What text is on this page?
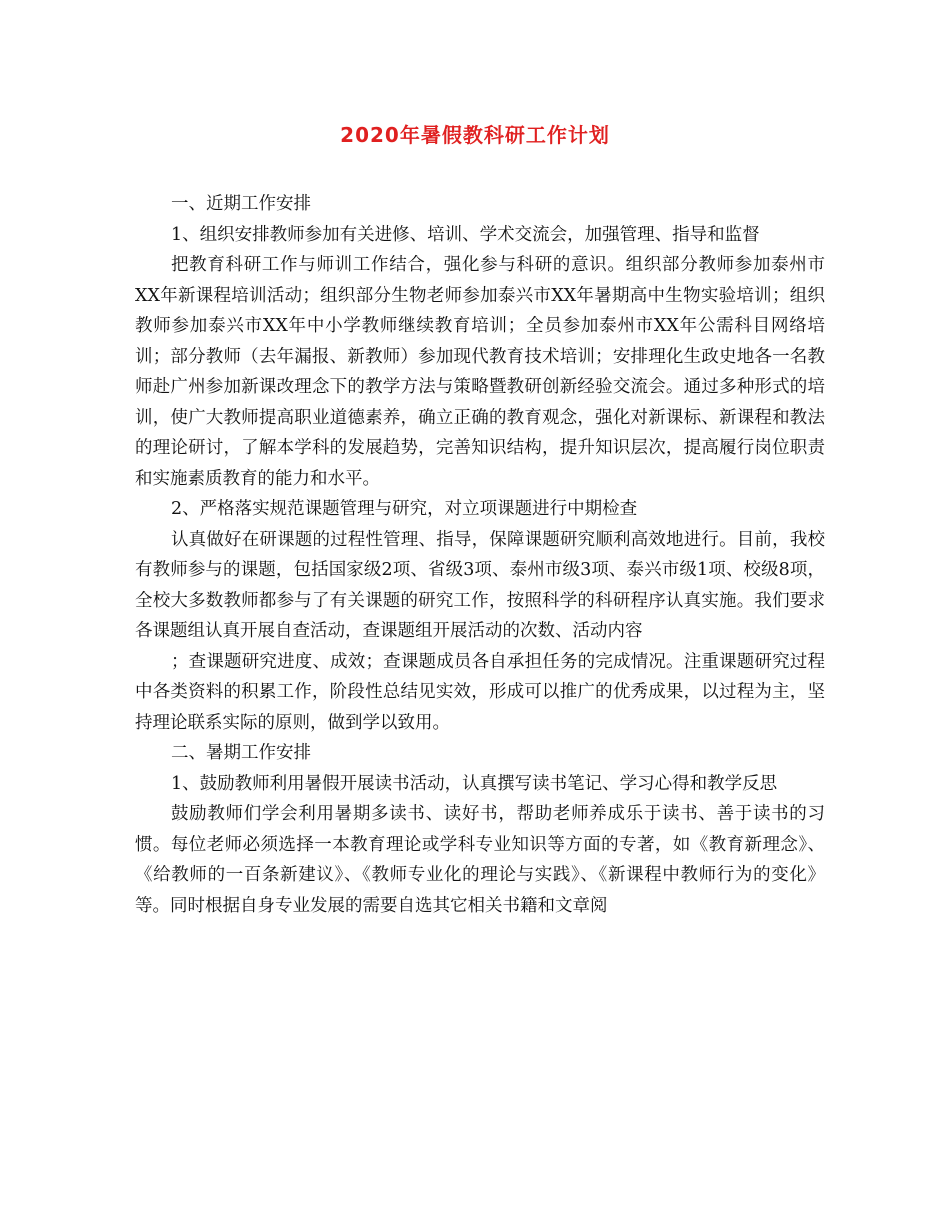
2020年暑假教科研工作计划

一、近期工作安排

1、组织安排教师参加有关进修、培训、学术交流会，加强管理、指导和监督

把教育科研工作与师训工作结合，强化参与科研的意识。组织部分教师参加泰州市XX年新课程培训活动；组织部分生物老师参加泰兴市XX年暑期高中生物实验培训；组织教师参加泰兴市XX年中小学教师继续教育培训；全员参加泰州市XX年公需科目网络培训；部分教师（去年漏报、新教师）参加现代教育技术培训；安排理化生政史地各一名教师赴广州参加新课改理念下的教学方法与策略暨教研创新经验交流会。通过多种形式的培训，使广大教师提高职业道德素养，确立正确的教育观念，强化对新课标、新课程和教法的理论研讨，了解本学科的发展趋势，完善知识结构，提升知识层次，提高履行岗位职责和实施素质教育的能力和水平。

2、严格落实规范课题管理与研究，对立项课题进行中期检查

认真做好在研课题的过程性管理、指导，保障课题研究顺利高效地进行。目前，我校有教师参与的课题，包括国家级2项、省级3项、泰州市级3项、泰兴市级1项、校级8项，全校大多数教师都参与了有关课题的研究工作，按照科学的科研程序认真实施。我们要求各课题组认真开展自查活动，查课题组开展活动的次数、活动内容

；查课题研究进度、成效；查课题成员各自承担任务的完成情况。注重课题研究过程中各类资料的积累工作，阶段性总结见实效，形成可以推广的优秀成果，以过程为主，坚持理论联系实际的原则，做到学以致用。

二、暑期工作安排

1、鼓励教师利用暑假开展读书活动，认真撰写读书笔记、学习心得和教学反思

鼓励教师们学会利用暑期多读书、读好书，帮助老师养成乐于读书、善于读书的习惯。每位老师必须选择一本教育理论或学科专业知识等方面的专著，如《教育新理念》、《给教师的一百条新建议》、《教师专业化的理论与实践》、《新课程中教师行为的变化》等。同时根据自身专业发展的需要自选其它相关书籍和文章阅
